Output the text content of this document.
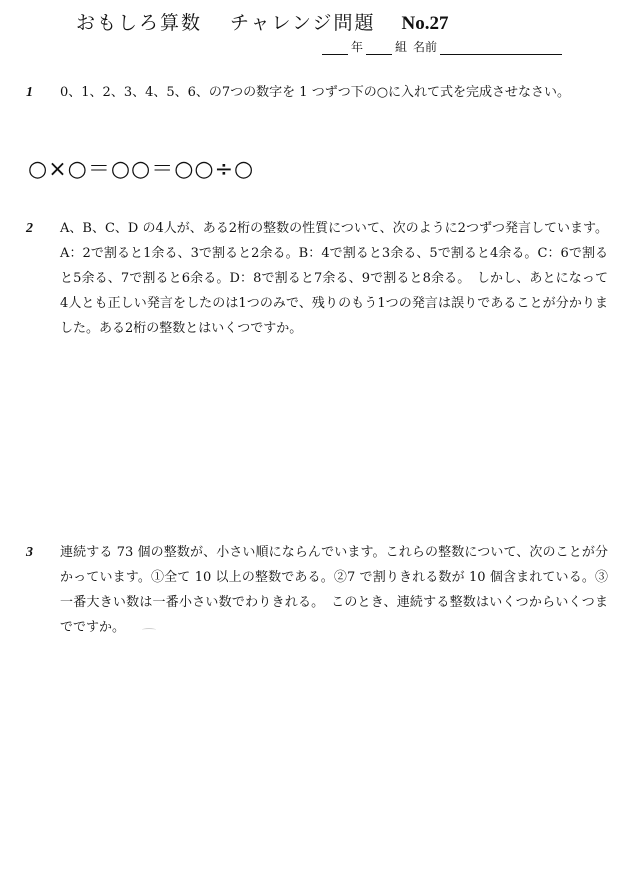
おもしろ算数 チャレンジ問題 No.27
年	組 名前
1 0、1、2、3、4、5、6、の7つの数字を 1 つずつ下の○に入れて式を完成させなさい。
○×○＝○○＝○○÷○
2 A、B、C、D の4人が、ある2桁の整数の性質について、次のように2つずつ発言しています。A：2で割ると1余る、3で割ると2余る。B：4で割ると3余る、5で割ると4余る。C：6で割ると5余る、7で割ると6余る。D：8で割ると7余る、9で割ると8余る。　しかし、あとになって4人とも正しい発言をしたのは1つのみで、残りのもう1つの発言は誤りであることが分かりました。ある2桁の整数とはいくつですか。
3 連続する 73 個の整数が、小さい順にならんでいます。これらの整数について、次のことが分かっています。①全て 10 以上の整数である。②7 で割りきれる数が 10 個含まれている。③一番大きい数は一番小さい数でわりきれる。　このとき、連続する整数はいくつからいくつまでですか。
